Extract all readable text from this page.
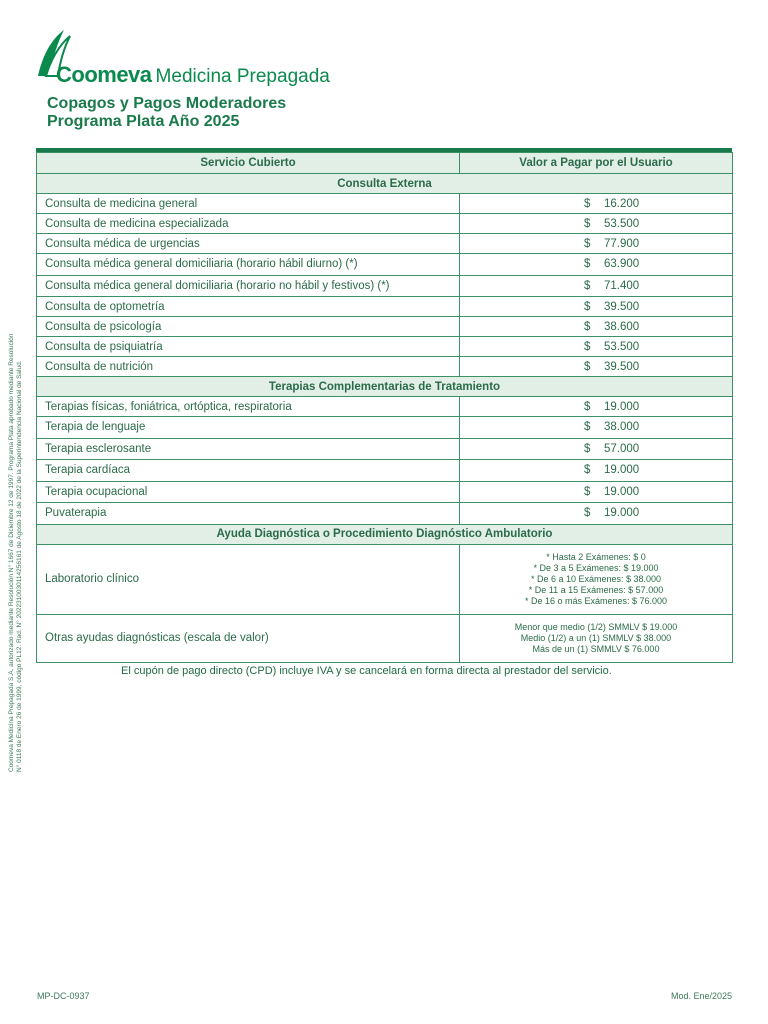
Coomeva Medicina Prepagada
Copagos y Pagos Moderadores
Programa Plata Año 2025
Servicio Cubierto	Valor a Pagar por el Usuario
Consulta Externa	
Consulta de medicina general	$ 16.200
Consulta de medicina especializada	$ 53.500
Consulta médica de urgencias	$ 77.900
Consulta médica general domiciliaria (horario hábil diurno) (*)	$ 63.900
Consulta médica general domiciliaria (horario no hábil y festivos) (*)	$ 71.400
Consulta de optometría	$ 39.500
Consulta de psicología	$ 38.600
Consulta de psiquiatría	$ 53.500
Consulta de nutrición	$ 39.500
Terapias Complementarias de Tratamiento	
Terapias físicas, foniátrica, ortóptica, respiratoria	$ 19.000
Terapia de lenguaje	$ 38.000
Terapia esclerosante	$ 57.000
Terapia cardíaca	$ 19.000
Terapia ocupacional	$ 19.000
Puvaterapia	$ 19.000
Ayuda Diagnóstica o Procedimiento Diagnóstico Ambulatorio	
Laboratorio clínico	* Hasta 2 Exámenes: $ 0
* De 3 a 5 Exámenes: $ 19.000
* De 6 a 10 Exámenes: $ 38.000
* De 11 a 15 Exámenes: $ 57.000
* De 16 o más Exámenes: $ 76.000

Otras ayudas diagnósticas (escala de valor)	Menor que medio (1/2) SMMLV $ 19.000
Medio (1/2) a un (1) SMMLV $ 38.000
Más de un (1) SMMLV $ 76.000
El cupón de pago directo (CPD) incluye IVA y se cancelará en forma directa al prestador del servicio.
Coomeva Medicina Prepagada S.A. autorizado mediante Resolución N° 1667 de Diciembre 12 de 1997. Programa Plata aprobado mediante Resolución N° 0118 de Enero 26 de 1999, código PL12. Rad. N° 2022310030114256161 de Agosto 18 de 2022 de la Superintendencia Nacional de Salud.
MP-DC-0937	Mod. Ene/2025
